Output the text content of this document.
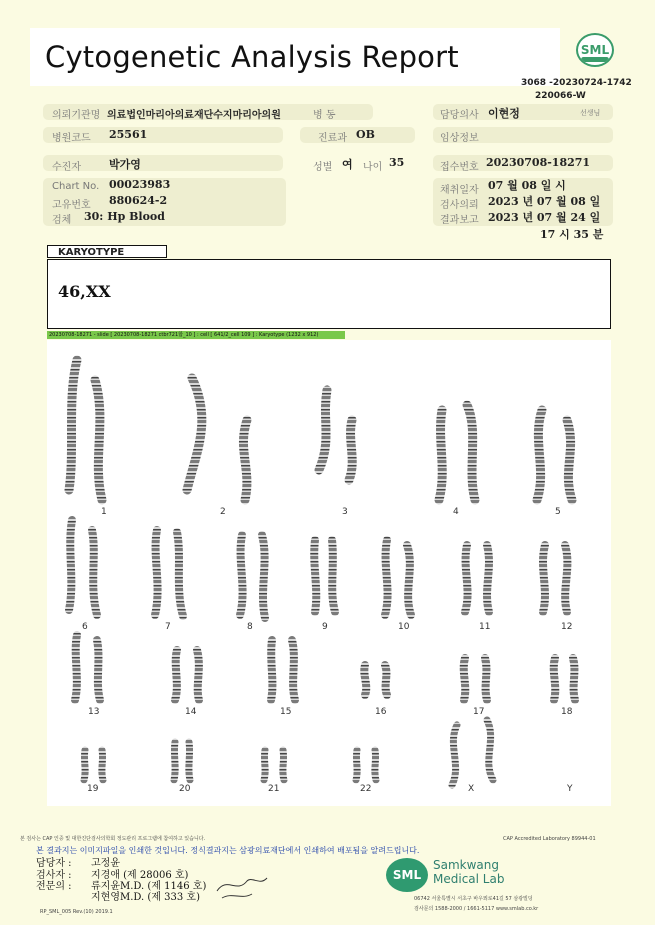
Cytogenetic Analysis Report	SML
3068 -20230724-1742
220066-W
의뢰기관명 의료법인마리아의료재단수지마리아의원	병 동	담당의사 이현정	선생님
병원코드 25561	진료과 OB	임상정보
수진자	박가영	성별 여 나이 35	접수번호 20230708-18271
Chart No. 00023983
고유번호 880624-2
검체 30: Hp Blood
채취일자 07 월 08 일 시
검사의뢰 2023 년 07 월 08 일
결과보고 2023 년 07 월 24 일
17 시 35 분
KARYOTYPE
46,XX
20230708-18271 - slide [ 20230708-18271 ctbr721합_10 ] : cell [ 641/2_cell 109 ] : Karyotype (1232 x 912)
1	2	3	4	5
6	7	8	9	10	11	12
13	14	15	16	17	18
19	20	21	22	X	Y
본 검사는 CAP 인증 및 대한진단검사의학회 정도관리 프로그램에 참여하고 있습니다.	CAP Accredited Laboratory 89944-01
본 결과지는 이미지파일을 인쇄한 것입니다. 정식결과지는 삼광의료재단에서 인쇄하여 배포됨을 알려드립니다.
담당자 : 고정윤
검사자 : 지경애 (제 28006 호)
전문의 : 류지윤M.D. (제 1146 호)
지현영M.D. (제 333 호)
RP_SML_005 Rev.(10) 2019.1
SML
Samkwang
Medical Lab
06742 서울특별시 서초구 바우뫼로41길 57 삼광빌딩
검사문의 1588-2000 / 1661-5117 www.smlab.co.kr
